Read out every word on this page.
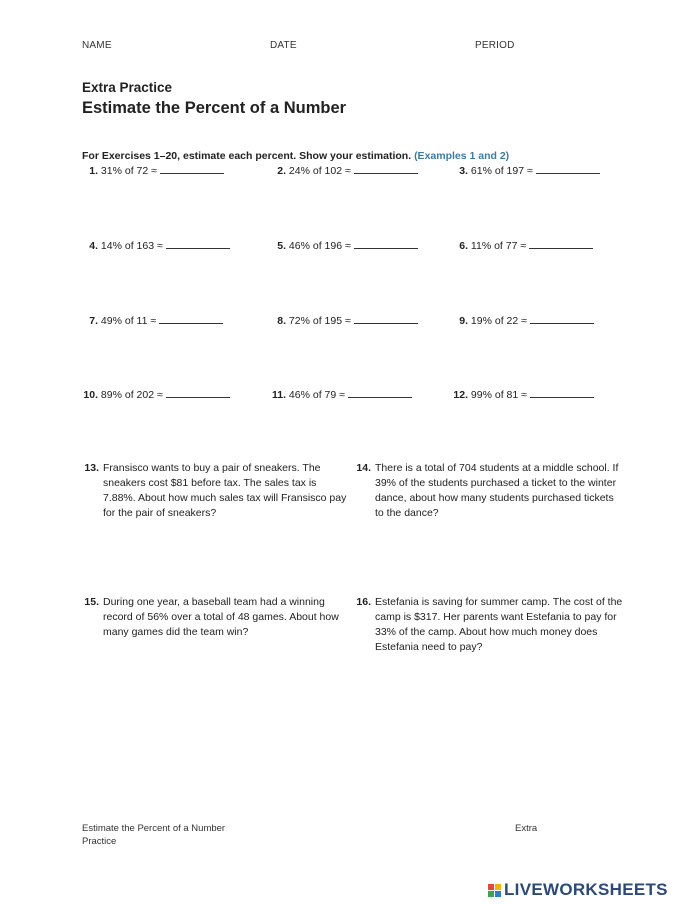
NAME	DATE	PERIOD
Extra Practice
Estimate the Percent of a Number
For Exercises 1–20, estimate each percent. Show your estimation. (Examples 1 and 2)
1. 31% of 72 ≈	2. 24% of 102 ≈	3. 61% of 197 ≈
4. 14% of 163 ≈	5. 46% of 196 ≈	6. 11% of 77 ≈
7. 49% of 11 ≈	8. 72% of 195 ≈	9. 19% of 22 ≈
10. 89% of 202 ≈	11. 46% of 79 ≈	12. 99% of 81 ≈
13. Fransisco wants to buy a pair of sneakers. The sneakers cost $81 before tax. The sales tax is 7.88%. About how much sales tax will Fransisco pay for the pair of sneakers?
14. There is a total of 704 students at a middle school. If 39% of the students purchased a ticket to the winter dance, about how many students purchased tickets to the dance?
15. During one year, a baseball team had a winning record of 56% over a total of 48 games. About how many games did the team win?
16. Estefania is saving for summer camp. The cost of the camp is $317. Her parents want Estefania to pay for 33% of the camp. About how much money does Estefania need to pay?
Estimate the Percent of a Number
Practice
Extra
LIVEWORKSHEETS
